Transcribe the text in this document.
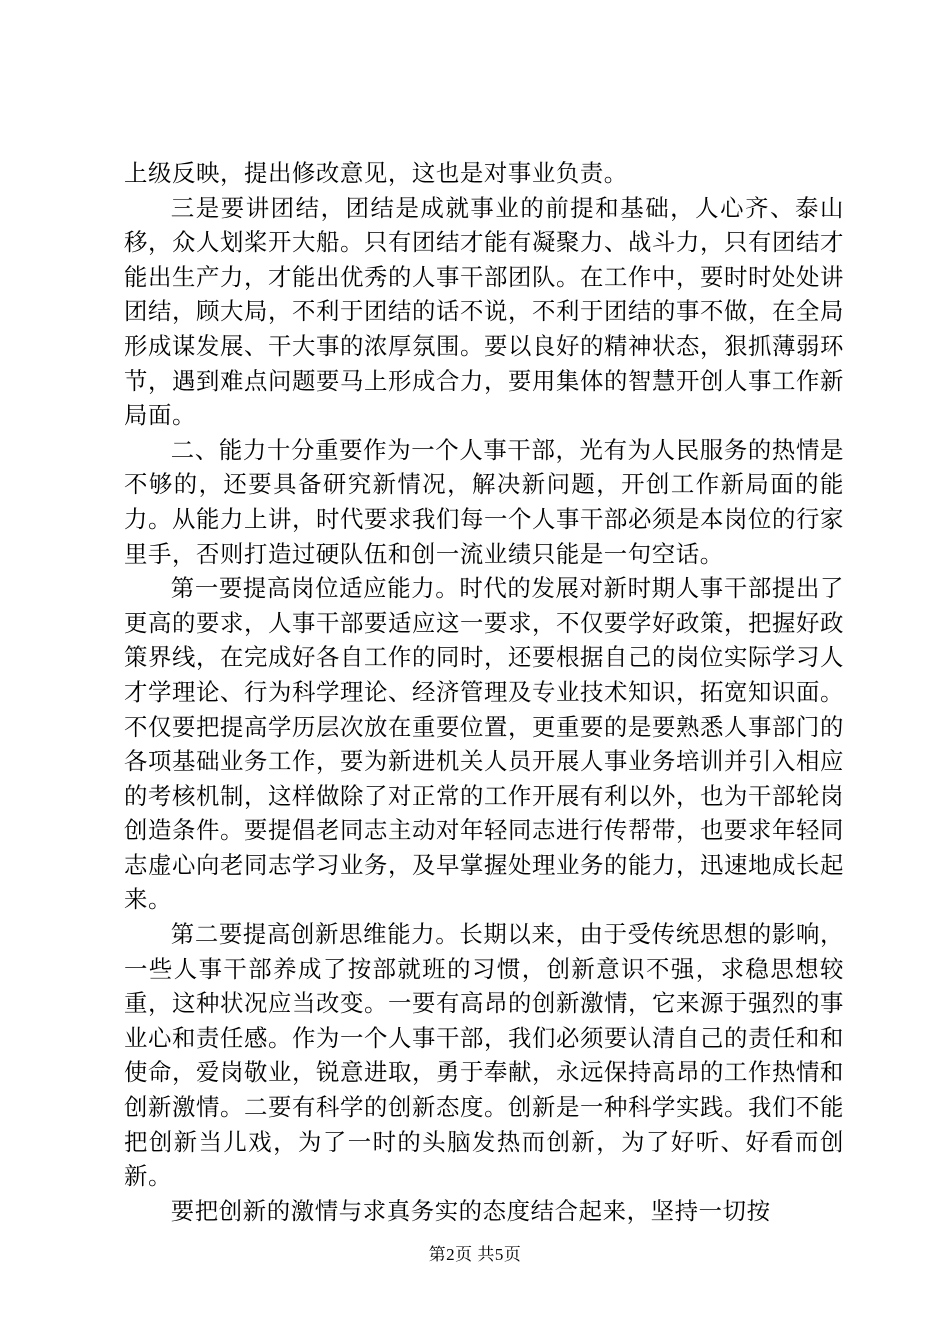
上级反映，提出修改意见，这也是对事业负责。

三是要讲团结，团结是成就事业的前提和基础，人心齐、泰山移，众人划桨开大船。只有团结才能有凝聚力、战斗力，只有团结才能出生产力，才能出优秀的人事干部团队。在工作中，要时时处处讲团结，顾大局，不利于团结的话不说，不利于团结的事不做，在全局形成谋发展、干大事的浓厚氛围。要以良好的精神状态，狠抓薄弱环节，遇到难点问题要马上形成合力，要用集体的智慧开创人事工作新局面。

二、能力十分重要作为一个人事干部，光有为人民服务的热情是不够的，还要具备研究新情况，解决新问题，开创工作新局面的能力。从能力上讲，时代要求我们每一个人事干部必须是本岗位的行家里手，否则打造过硬队伍和创一流业绩只能是一句空话。

第一要提高岗位适应能力。时代的发展对新时期人事干部提出了更高的要求，人事干部要适应这一要求，不仅要学好政策，把握好政策界线，在完成好各自工作的同时，还要根据自己的岗位实际学习人才学理论、行为科学理论、经济管理及专业技术知识，拓宽知识面。不仅要把提高学历层次放在重要位置，更重要的是要熟悉人事部门的各项基础业务工作，要为新进机关人员开展人事业务培训并引入相应的考核机制，这样做除了对正常的工作开展有利以外，也为干部轮岗创造条件。要提倡老同志主动对年轻同志进行传帮带，也要求年轻同志虚心向老同志学习业务，及早掌握处理业务的能力，迅速地成长起来。

第二要提高创新思维能力。长期以来，由于受传统思想的影响，一些人事干部养成了按部就班的习惯，创新意识不强，求稳思想较重，这种状况应当改变。一要有高昂的创新激情，它来源于强烈的事业心和责任感。作为一个人事干部，我们必须要认清自己的责任和和使命，爱岗敬业，锐意进取，勇于奉献，永远保持高昂的工作热情和创新激情。二要有科学的创新态度。创新是一种科学实践。我们不能把创新当儿戏，为了一时的头脑发热而创新，为了好听、好看而创新。

要把创新的激情与求真务实的态度结合起来，坚持一切按

第2页 共5页
